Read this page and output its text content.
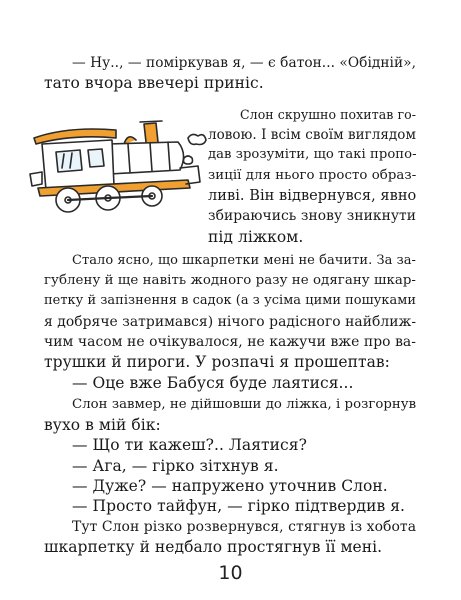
— Ну.., — поміркував я, — є батон... «Обідній»,
тато вчора ввечері приніс.
Слон скрушно похитав го-
ловою. І всім своїм виглядом
дав зрозуміти, що такі пропо-
зиції для нього просто образ-
ливі. Він відвернувся, явно
збираючись знову зникнути
під ліжком.
Стало ясно, що шкарпетки мені не бачити. За за-
гублену й ще навіть жодного разу не одягану шкар-
петку й запізнення в садок (а з усіма цими пошуками
я добряче затримався) нічого радісного найближ-
чим часом не очікувалося, не кажучи вже про ва-
трушки й пироги. У розпачі я прошептав:
— Оце вже Бабуся буде лаятися...
Слон завмер, не дійшовши до ліжка, і розгорнув
вухо в мій бік:
— Що ти кажеш?.. Лаятися?
— Ага, — гірко зітхнув я.
— Дуже? — напружено уточнив Слон.
— Просто тайфун, — гірко підтвердив я.
Тут Слон різко розвернувся, стягнув із хобота
шкарпетку й недбало простягнув її мені.
10
